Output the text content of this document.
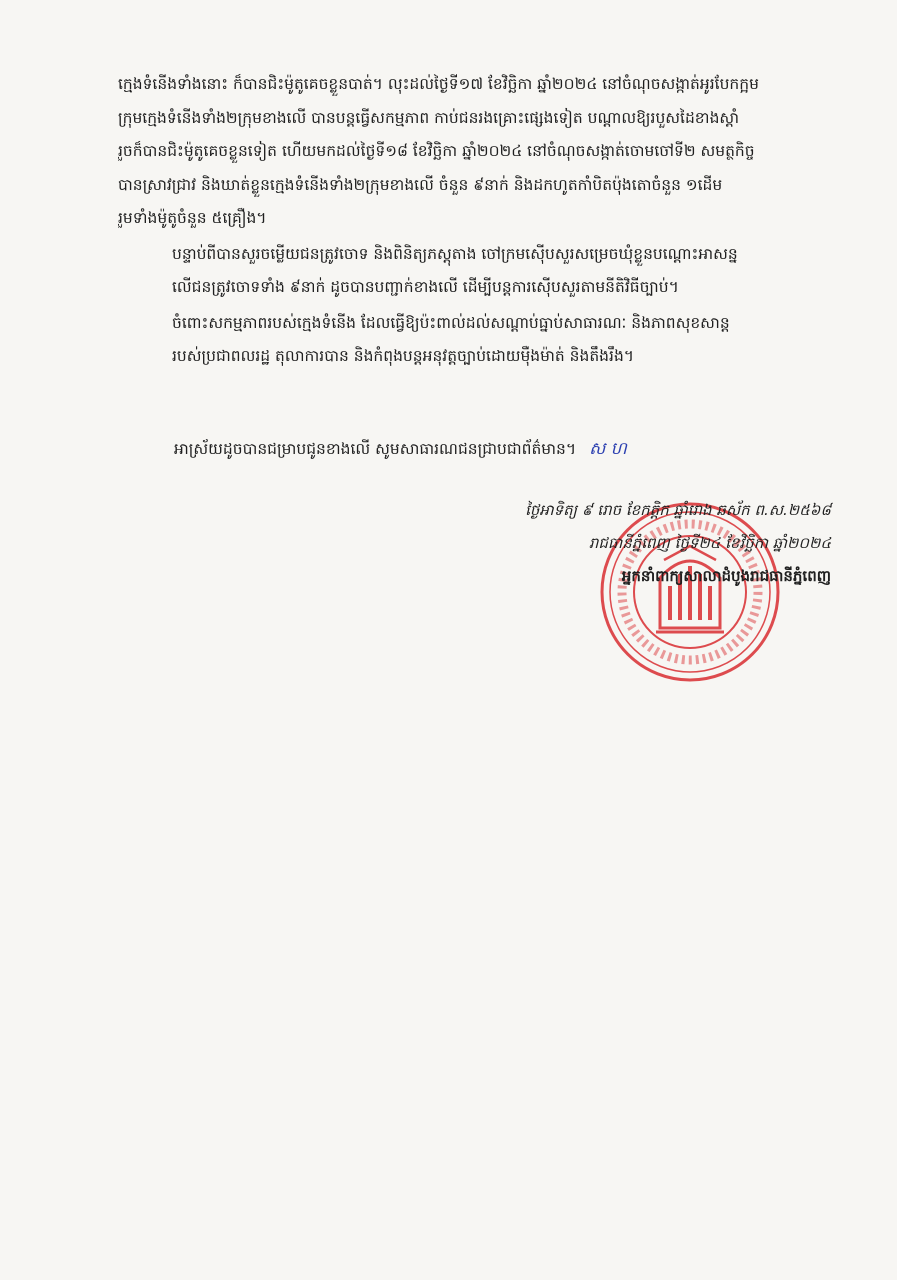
ក្មេងទំនើងទាំងនោះ ក៏បានជិះម៉ូតូគេចខ្លួនបាត់។ លុះដល់ថ្ងៃទី១៧ ខែវិច្ឆិកា ឆ្នាំ២០២៤ នៅចំណុចសង្កាត់អូរបែកក្អម
ក្រុមក្មេងទំនើងទាំង២ក្រុមខាងលើ បានបន្តធ្វើសកម្មភាព កាប់ជនរងគ្រោះផ្សេងទៀត បណ្តាលឱ្យរបួសដៃខាងស្តាំ
រួចក៏បានជិះម៉ូតូគេចខ្លួនទៀត ហើយមកដល់ថ្ងៃទី១៨ ខែវិច្ឆិកា ឆ្នាំ២០២៤ នៅចំណុចសង្កាត់ចោមចៅទី២ សមត្ថកិច្ច
បានស្រាវជ្រាវ និងឃាត់ខ្លួនក្មេងទំនើងទាំង២ក្រុមខាងលើ ចំនួន ៩នាក់ និងដកហូតកាំបិតប៉ុងតោចំនួន ១ដើម
រួមទាំងម៉ូតូចំនួន ៥គ្រឿង។

បន្ទាប់ពីបានសួរចម្លើយជនត្រូវចោទ និងពិនិត្យភស្តុតាង ចៅក្រមស៊ើបសួរសម្រេចឃុំខ្លួនបណ្តោះអាសន្ន
លើជនត្រូវចោទទាំង ៩នាក់ ដូចបានបញ្ជាក់ខាងលើ ដើម្បីបន្តការស៊ើបសួរតាមនីតិវិធីច្បាប់។

ចំពោះសកម្មភាពរបស់ក្មេងទំនើង ដែលធ្វើឱ្យប៉ះពាល់ដល់សណ្តាប់ធ្នាប់សាធារណៈ និងភាពសុខសាន្ត
របស់ប្រជាពលរដ្ឋ តុលាការបាន និងកំពុងបន្តអនុវត្តច្បាប់ដោយម៉ឺងម៉ាត់ និងតឹងរឹង។

អាស្រ័យដូចបានជម្រាបជូនខាងលើ សូមសាធារណជនជ្រាបជាព័ត៌មាន។ ស ហ
ថ្ងៃអាទិត្យ ៩ រោច ខែកត្តិក ឆ្នាំរោង ឆស័ក ព.ស.២៥៦៨
រាជធានីភ្នំពេញ ថ្ងៃទី២៤ ខែវិច្ឆិកា ឆ្នាំ២០២៤
អ្នកនាំពាក្យសាលាដំបូងរាជធានីភ្នំពេញ
